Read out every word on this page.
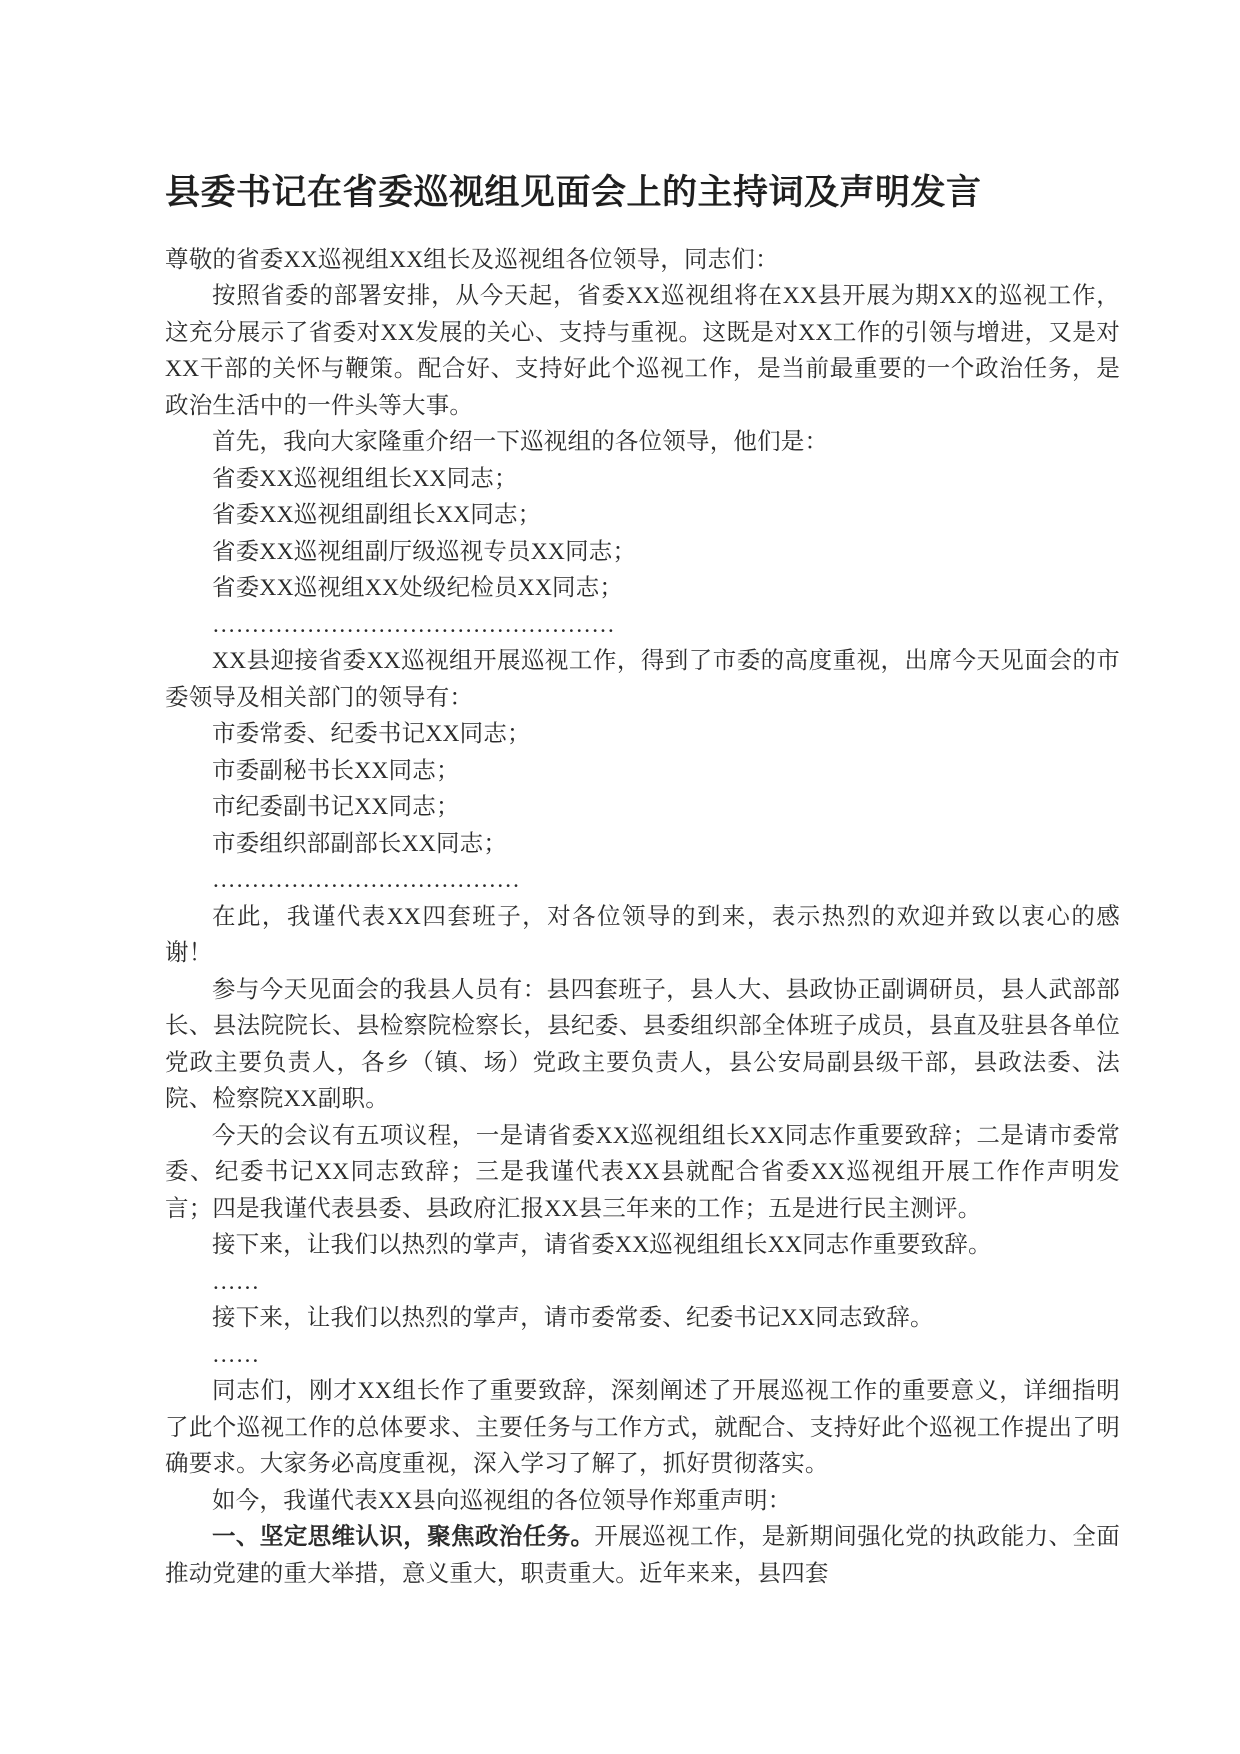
县委书记在省委巡视组见面会上的主持词及声明发言

尊敬的省委XX巡视组XX组长及巡视组各位领导，同志们：

按照省委的部署安排，从今天起，省委XX巡视组将在XX县开展为期XX的巡视工作，这充分展示了省委对XX发展的关心、支持与重视。这既是对XX工作的引领与增进，又是对XX干部的关怀与鞭策。配合好、支持好此个巡视工作，是当前最重要的一个政治任务，是政治生活中的一件头等大事。

首先，我向大家隆重介绍一下巡视组的各位领导，他们是：

省委XX巡视组组长XX同志；

省委XX巡视组副组长XX同志；

省委XX巡视组副厅级巡视专员XX同志；

省委XX巡视组XX处级纪检员XX同志；

……………………………………………

XX县迎接省委XX巡视组开展巡视工作，得到了市委的高度重视，出席今天见面会的市委领导及相关部门的领导有：

市委常委、纪委书记XX同志；

市委副秘书长XX同志；

市纪委副书记XX同志；

市委组织部副部长XX同志；

…………………………………

在此，我谨代表XX四套班子，对各位领导的到来，表示热烈的欢迎并致以衷心的感谢！

参与今天见面会的我县人员有：县四套班子，县人大、县政协正副调研员，县人武部部长、县法院院长、县检察院检察长，县纪委、县委组织部全体班子成员，县直及驻县各单位党政主要负责人，各乡（镇、场）党政主要负责人，县公安局副县级干部，县政法委、法院、检察院XX副职。

今天的会议有五项议程，一是请省委XX巡视组组长XX同志作重要致辞；二是请市委常委、纪委书记XX同志致辞；三是我谨代表XX县就配合省委XX巡视组开展工作作声明发言；四是我谨代表县委、县政府汇报XX县三年来的工作；五是进行民主测评。

接下来，让我们以热烈的掌声，请省委XX巡视组组长XX同志作重要致辞。

……

接下来，让我们以热烈的掌声，请市委常委、纪委书记XX同志致辞。

……

同志们，刚才XX组长作了重要致辞，深刻阐述了开展巡视工作的重要意义，详细指明了此个巡视工作的总体要求、主要任务与工作方式，就配合、支持好此个巡视工作提出了明确要求。大家务必高度重视，深入学习了解了，抓好贯彻落实。

如今，我谨代表XX县向巡视组的各位领导作郑重声明：

一、坚定思维认识，聚焦政治任务。开展巡视工作，是新期间强化党的执政能力、全面推动党建的重大举措，意义重大，职责重大。近年来来，县四套
